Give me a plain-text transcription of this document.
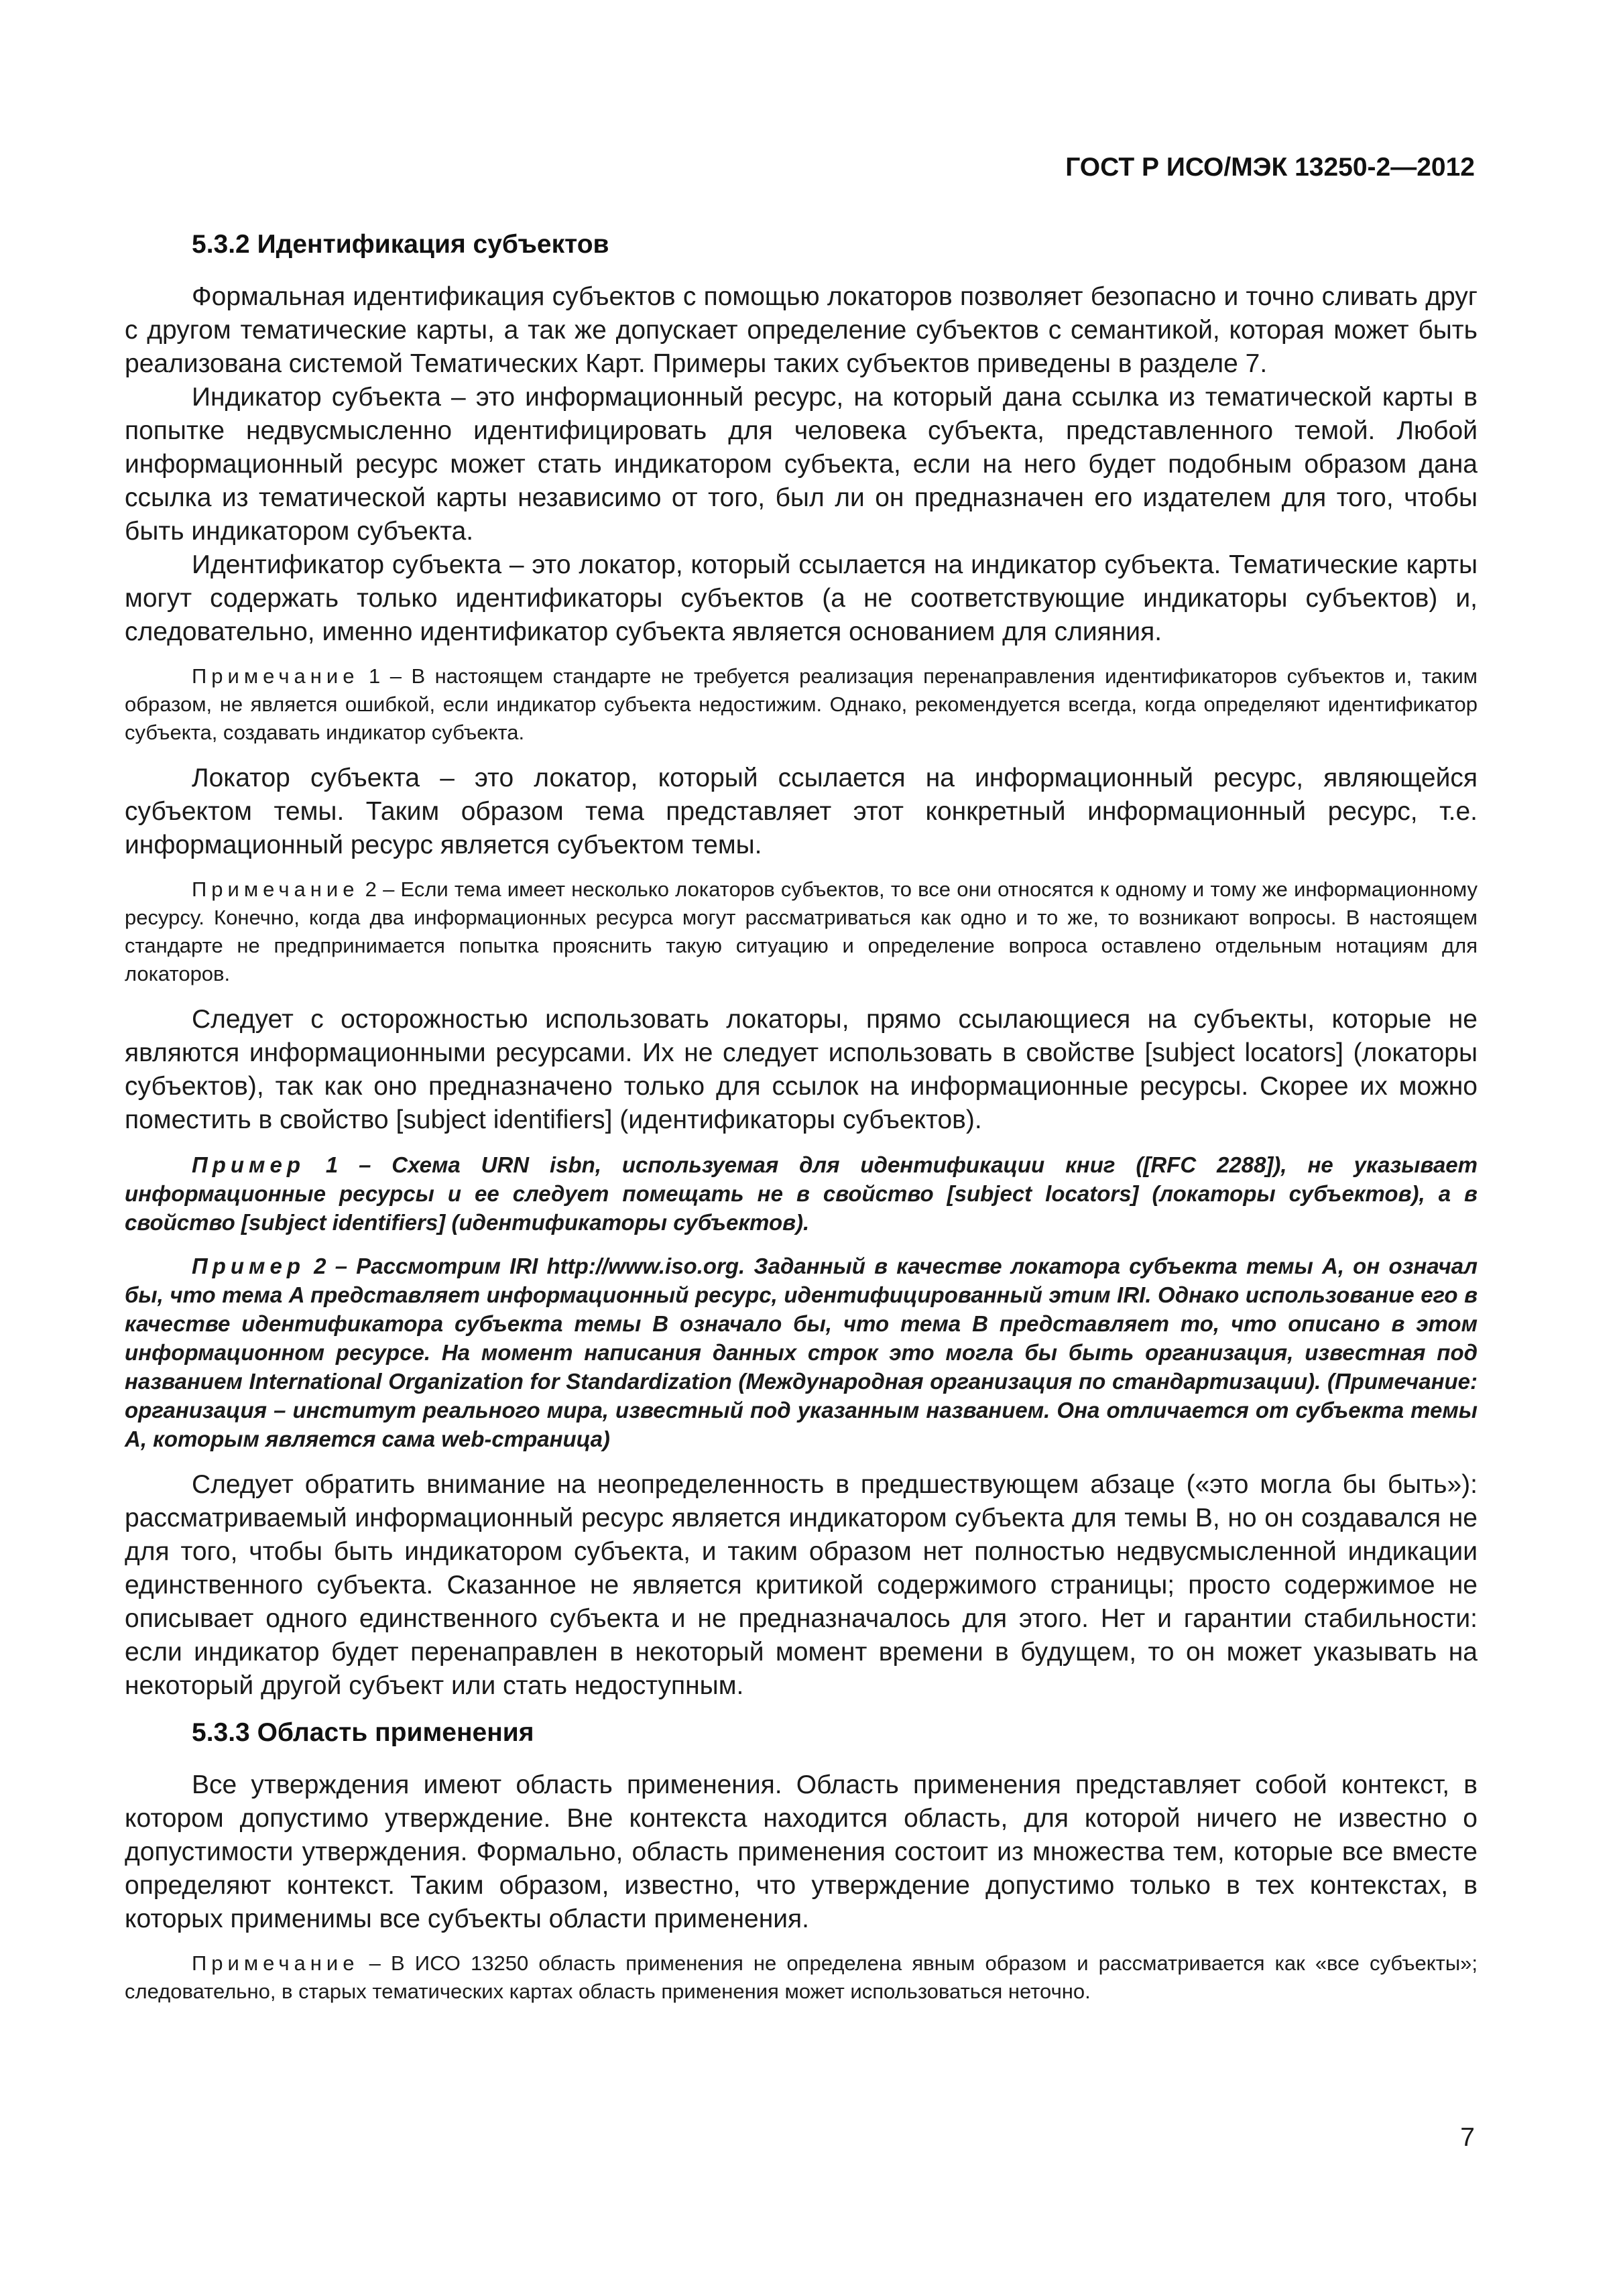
ГОСТ Р ИСО/МЭК 13250-2—2012
5.3.2 Идентификация субъектов

Формальная идентификация субъектов с помощью локаторов позволяет безопасно и точно сливать друг с другом тематические карты, а так же допускает определение субъектов с семантикой, которая может быть реализована системой Тематических Карт. Примеры таких субъектов приведены в разделе 7.

Индикатор субъекта – это информационный ресурс, на который дана ссылка из тематической карты в попытке недвусмысленно идентифицировать для человека субъекта, представленного темой. Любой информационный ресурс может стать индикатором субъекта, если на него будет подобным образом дана ссылка из тематической карты независимо от того, был ли он предназначен его издателем для того, чтобы быть индикатором субъекта.

Идентификатор субъекта – это локатор, который ссылается на индикатор субъекта. Тематические карты могут содержать только идентификаторы субъектов (а не соответствующие индикаторы субъектов) и, следовательно, именно идентификатор субъекта является основанием для слияния.

Примечание 1 – В настоящем стандарте не требуется реализация перенаправления идентификаторов субъектов и, таким образом, не является ошибкой, если индикатор субъекта недостижим. Однако, рекомендуется всегда, когда определяют идентификатор субъекта, создавать индикатор субъекта.

Локатор субъекта – это локатор, который ссылается на информационный ресурс, являющейся субъектом темы. Таким образом тема представляет этот конкретный информационный ресурс, т.е. информационный ресурс является субъектом темы.

Примечание 2 – Если тема имеет несколько локаторов субъектов, то все они относятся к одному и тому же информационному ресурсу. Конечно, когда два информационных ресурса могут рассматриваться как одно и то же, то возникают вопросы. В настоящем стандарте не предпринимается попытка прояснить такую ситуацию и определение вопроса оставлено отдельным нотациям для локаторов.

Следует с осторожностью использовать локаторы, прямо ссылающиеся на субъекты, которые не являются информационными ресурсами. Их не следует использовать в свойстве [subject locators] (локаторы субъектов), так как оно предназначено только для ссылок на информационные ресурсы. Скорее их можно поместить в свойство [subject identifiers] (идентификаторы субъектов).

Пример 1 – Схема URN isbn, используемая для идентификации книг ([RFC 2288]), не указывает информационные ресурсы и ее следует помещать не в свойство [subject locators] (локаторы субъектов), а в свойство [subject identifiers] (идентификаторы субъектов).

Пример 2 – Рассмотрим IRI http://www.iso.org. Заданный в качестве локатора субъекта темы A, он означал бы, что тема A представляет информационный ресурс, идентифицированный этим IRI. Однако использование его в качестве идентификатора субъекта темы B означало бы, что тема B представляет то, что описано в этом информационном ресурсе. На момент написания данных строк это могла бы быть организация, известная под названием International Organization for Standardization (Международная организация по стандартизации). (Примечание: организация – институт реального мира, известный под указанным названием. Она отличается от субъекта темы A, которым является сама web-страница)

Следует обратить внимание на неопределенность в предшествующем абзаце («это могла бы быть»): рассматриваемый информационный ресурс является индикатором субъекта для темы B, но он создавался не для того, чтобы быть индикатором субъекта, и таким образом нет полностью недвусмысленной индикации единственного субъекта. Сказанное не является критикой содержимого страницы; просто содержимое не описывает одного единственного субъекта и не предназначалось для этого. Нет и гарантии стабильности: если индикатор будет перенаправлен в некоторый момент времени в будущем, то он может указывать на некоторый другой субъект или стать недоступным.

5.3.3 Область применения

Все утверждения имеют область применения. Область применения представляет собой контекст, в котором допустимо утверждение. Вне контекста находится область, для которой ничего не известно о допустимости утверждения. Формально, область применения состоит из множества тем, которые все вместе определяют контекст. Таким образом, известно, что утверждение допустимо только в тех контекстах, в которых применимы все субъекты области применения.

Примечание – В ИСО 13250 область применения не определена явным образом и рассматривается как «все субъекты»; следовательно, в старых тематических картах область применения может использоваться неточно.

7
